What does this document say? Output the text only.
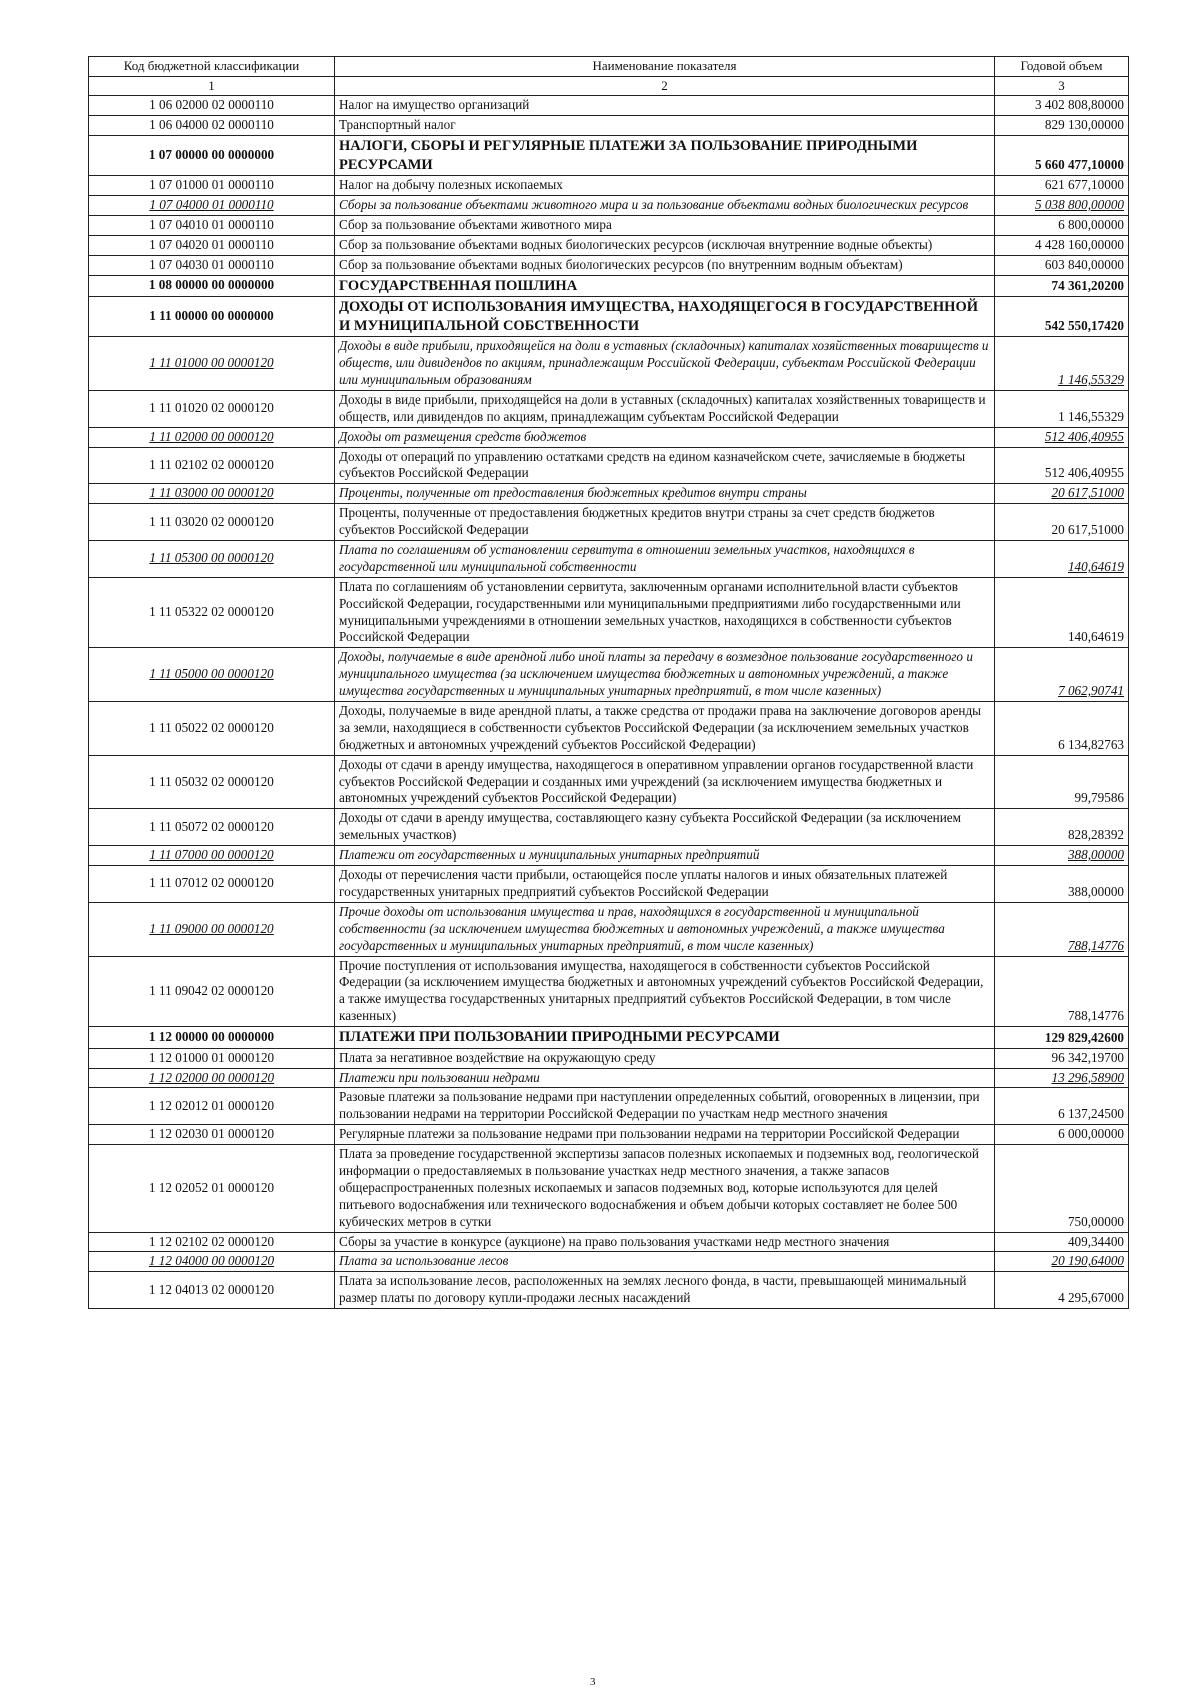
Код бюджетной классификации	Наименование показателя	Годовой объем
1	2	3
1 06 02000 02 0000110	Налог на имущество организаций	3 402 808,80000
1 06 04000 02 0000110	Транспортный налог	829 130,00000
1 07 00000 00 0000000	НАЛОГИ, СБОРЫ И РЕГУЛЯРНЫЕ ПЛАТЕЖИ ЗА ПОЛЬЗОВАНИЕ ПРИРОДНЫМИ РЕСУРСАМИ	5 660 477,10000
1 07 01000 01 0000110	Налог на добычу полезных ископаемых	621 677,10000
1 07 04000 01 0000110	Сборы за пользование объектами животного мира и за пользование объектами водных биологических ресурсов	5 038 800,00000
1 07 04010 01 0000110	Сбор за пользование объектами животного мира	6 800,00000
1 07 04020 01 0000110	Сбор за пользование объектами водных биологических ресурсов (исключая внутренние водные объекты)	4 428 160,00000
1 07 04030 01 0000110	Сбор за пользование объектами водных биологических ресурсов (по внутренним водным объектам)	603 840,00000
1 08 00000 00 0000000	ГОСУДАРСТВЕННАЯ ПОШЛИНА	74 361,20200
1 11 00000 00 0000000	ДОХОДЫ ОТ ИСПОЛЬЗОВАНИЯ ИМУЩЕСТВА, НАХОДЯЩЕГОСЯ В ГОСУДАРСТВЕННОЙ И МУНИЦИПАЛЬНОЙ СОБСТВЕННОСТИ	542 550,17420
1 11 01000 00 0000120	Доходы в виде прибыли, приходящейся на доли в уставных (складочных) капиталах хозяйственных товариществ и обществ, или дивидендов по акциям, принадлежащим Российской Федерации, субъектам Российской Федерации или муниципальным образованиям	1 146,55329
1 11 01020 02 0000120	Доходы в виде прибыли, приходящейся на доли в уставных (складочных) капиталах хозяйственных товариществ и обществ, или дивидендов по акциям, принадлежащим субъектам Российской Федерации	1 146,55329
1 11 02000 00 0000120	Доходы от размещения средств бюджетов	512 406,40955
1 11 02102 02 0000120	Доходы от операций по управлению остатками средств на едином казначейском счете, зачисляемые в бюджеты субъектов Российской Федерации	512 406,40955
1 11 03000 00 0000120	Проценты, полученные от предоставления бюджетных кредитов внутри страны	20 617,51000
1 11 03020 02 0000120	Проценты, полученные от предоставления бюджетных кредитов внутри страны за счет средств бюджетов субъектов Российской Федерации	20 617,51000
1 11 05300 00 0000120	Плата по соглашениям об установлении сервитута в отношении земельных участков, находящихся в государственной или муниципальной собственности	140,64619
1 11 05322 02 0000120	Плата по соглашениям об установлении сервитута, заключенным органами исполнительной власти субъектов Российской Федерации, государственными или муниципальными предприятиями либо государственными или муниципальными учреждениями в отношении земельных участков, находящихся в собственности субъектов Российской Федерации	140,64619
1 11 05000 00 0000120	Доходы, получаемые в виде арендной либо иной платы за передачу в возмездное пользование государственного и муниципального имущества (за исключением имущества бюджетных и автономных учреждений, а также имущества государственных и муниципальных унитарных предприятий, в том числе казенных)	7 062,90741
1 11 05022 02 0000120	Доходы, получаемые в виде арендной платы, а также средства от продажи права на заключение договоров аренды за земли, находящиеся в собственности субъектов Российской Федерации (за исключением земельных участков бюджетных и автономных учреждений субъектов Российской Федерации)	6 134,82763
1 11 05032 02 0000120	Доходы от сдачи в аренду имущества, находящегося в оперативном управлении органов государственной власти субъектов Российской Федерации и созданных ими учреждений (за исключением имущества бюджетных и автономных учреждений субъектов Российской Федерации)	99,79586
1 11 05072 02 0000120	Доходы от сдачи в аренду имущества, составляющего казну субъекта Российской Федерации (за исключением земельных участков)	828,28392
1 11 07000 00 0000120	Платежи от государственных и муниципальных унитарных предприятий	388,00000
1 11 07012 02 0000120	Доходы от перечисления части прибыли, остающейся после уплаты налогов и иных обязательных платежей государственных унитарных предприятий субъектов Российской Федерации	388,00000
1 11 09000 00 0000120	Прочие доходы от использования имущества и прав, находящихся в государственной и муниципальной собственности (за исключением имущества бюджетных и автономных учреждений, а также имущества государственных и муниципальных унитарных предприятий, в том числе казенных)	788,14776
1 11 09042 02 0000120	Прочие поступления от использования имущества, находящегося в собственности субъектов Российской Федерации (за исключением имущества бюджетных и автономных учреждений субъектов Российской Федерации, а также имущества государственных унитарных предприятий субъектов Российской Федерации, в том числе казенных)	788,14776
1 12 00000 00 0000000	ПЛАТЕЖИ ПРИ ПОЛЬЗОВАНИИ ПРИРОДНЫМИ РЕСУРСАМИ	129 829,42600
1 12 01000 01 0000120	Плата за негативное воздействие на окружающую среду	96 342,19700
1 12 02000 00 0000120	Платежи при пользовании недрами	13 296,58900
1 12 02012 01 0000120	Разовые платежи за пользование недрами при наступлении определенных событий, оговоренных в лицензии, при пользовании недрами на территории Российской Федерации по участкам недр местного значения	6 137,24500
1 12 02030 01 0000120	Регулярные платежи за пользование недрами при пользовании недрами на территории Российской Федерации	6 000,00000
1 12 02052 01 0000120	Плата за проведение государственной экспертизы запасов полезных ископаемых и подземных вод, геологической информации о предоставляемых в пользование участках недр местного значения, а также запасов общераспространенных полезных ископаемых и запасов подземных вод, которые используются для целей питьевого водоснабжения или технического водоснабжения и объем добычи которых составляет не более 500 кубических метров в сутки	750,00000
1 12 02102 02 0000120	Сборы за участие в конкурсе (аукционе) на право пользования участками недр местного значения	409,34400
1 12 04000 00 0000120	Плата за использование лесов	20 190,64000
1 12 04013 02 0000120	Плата за использование лесов, расположенных на землях лесного фонда, в части, превышающей минимальный размер платы по договору купли-продажи лесных насаждений	4 295,67000
3
